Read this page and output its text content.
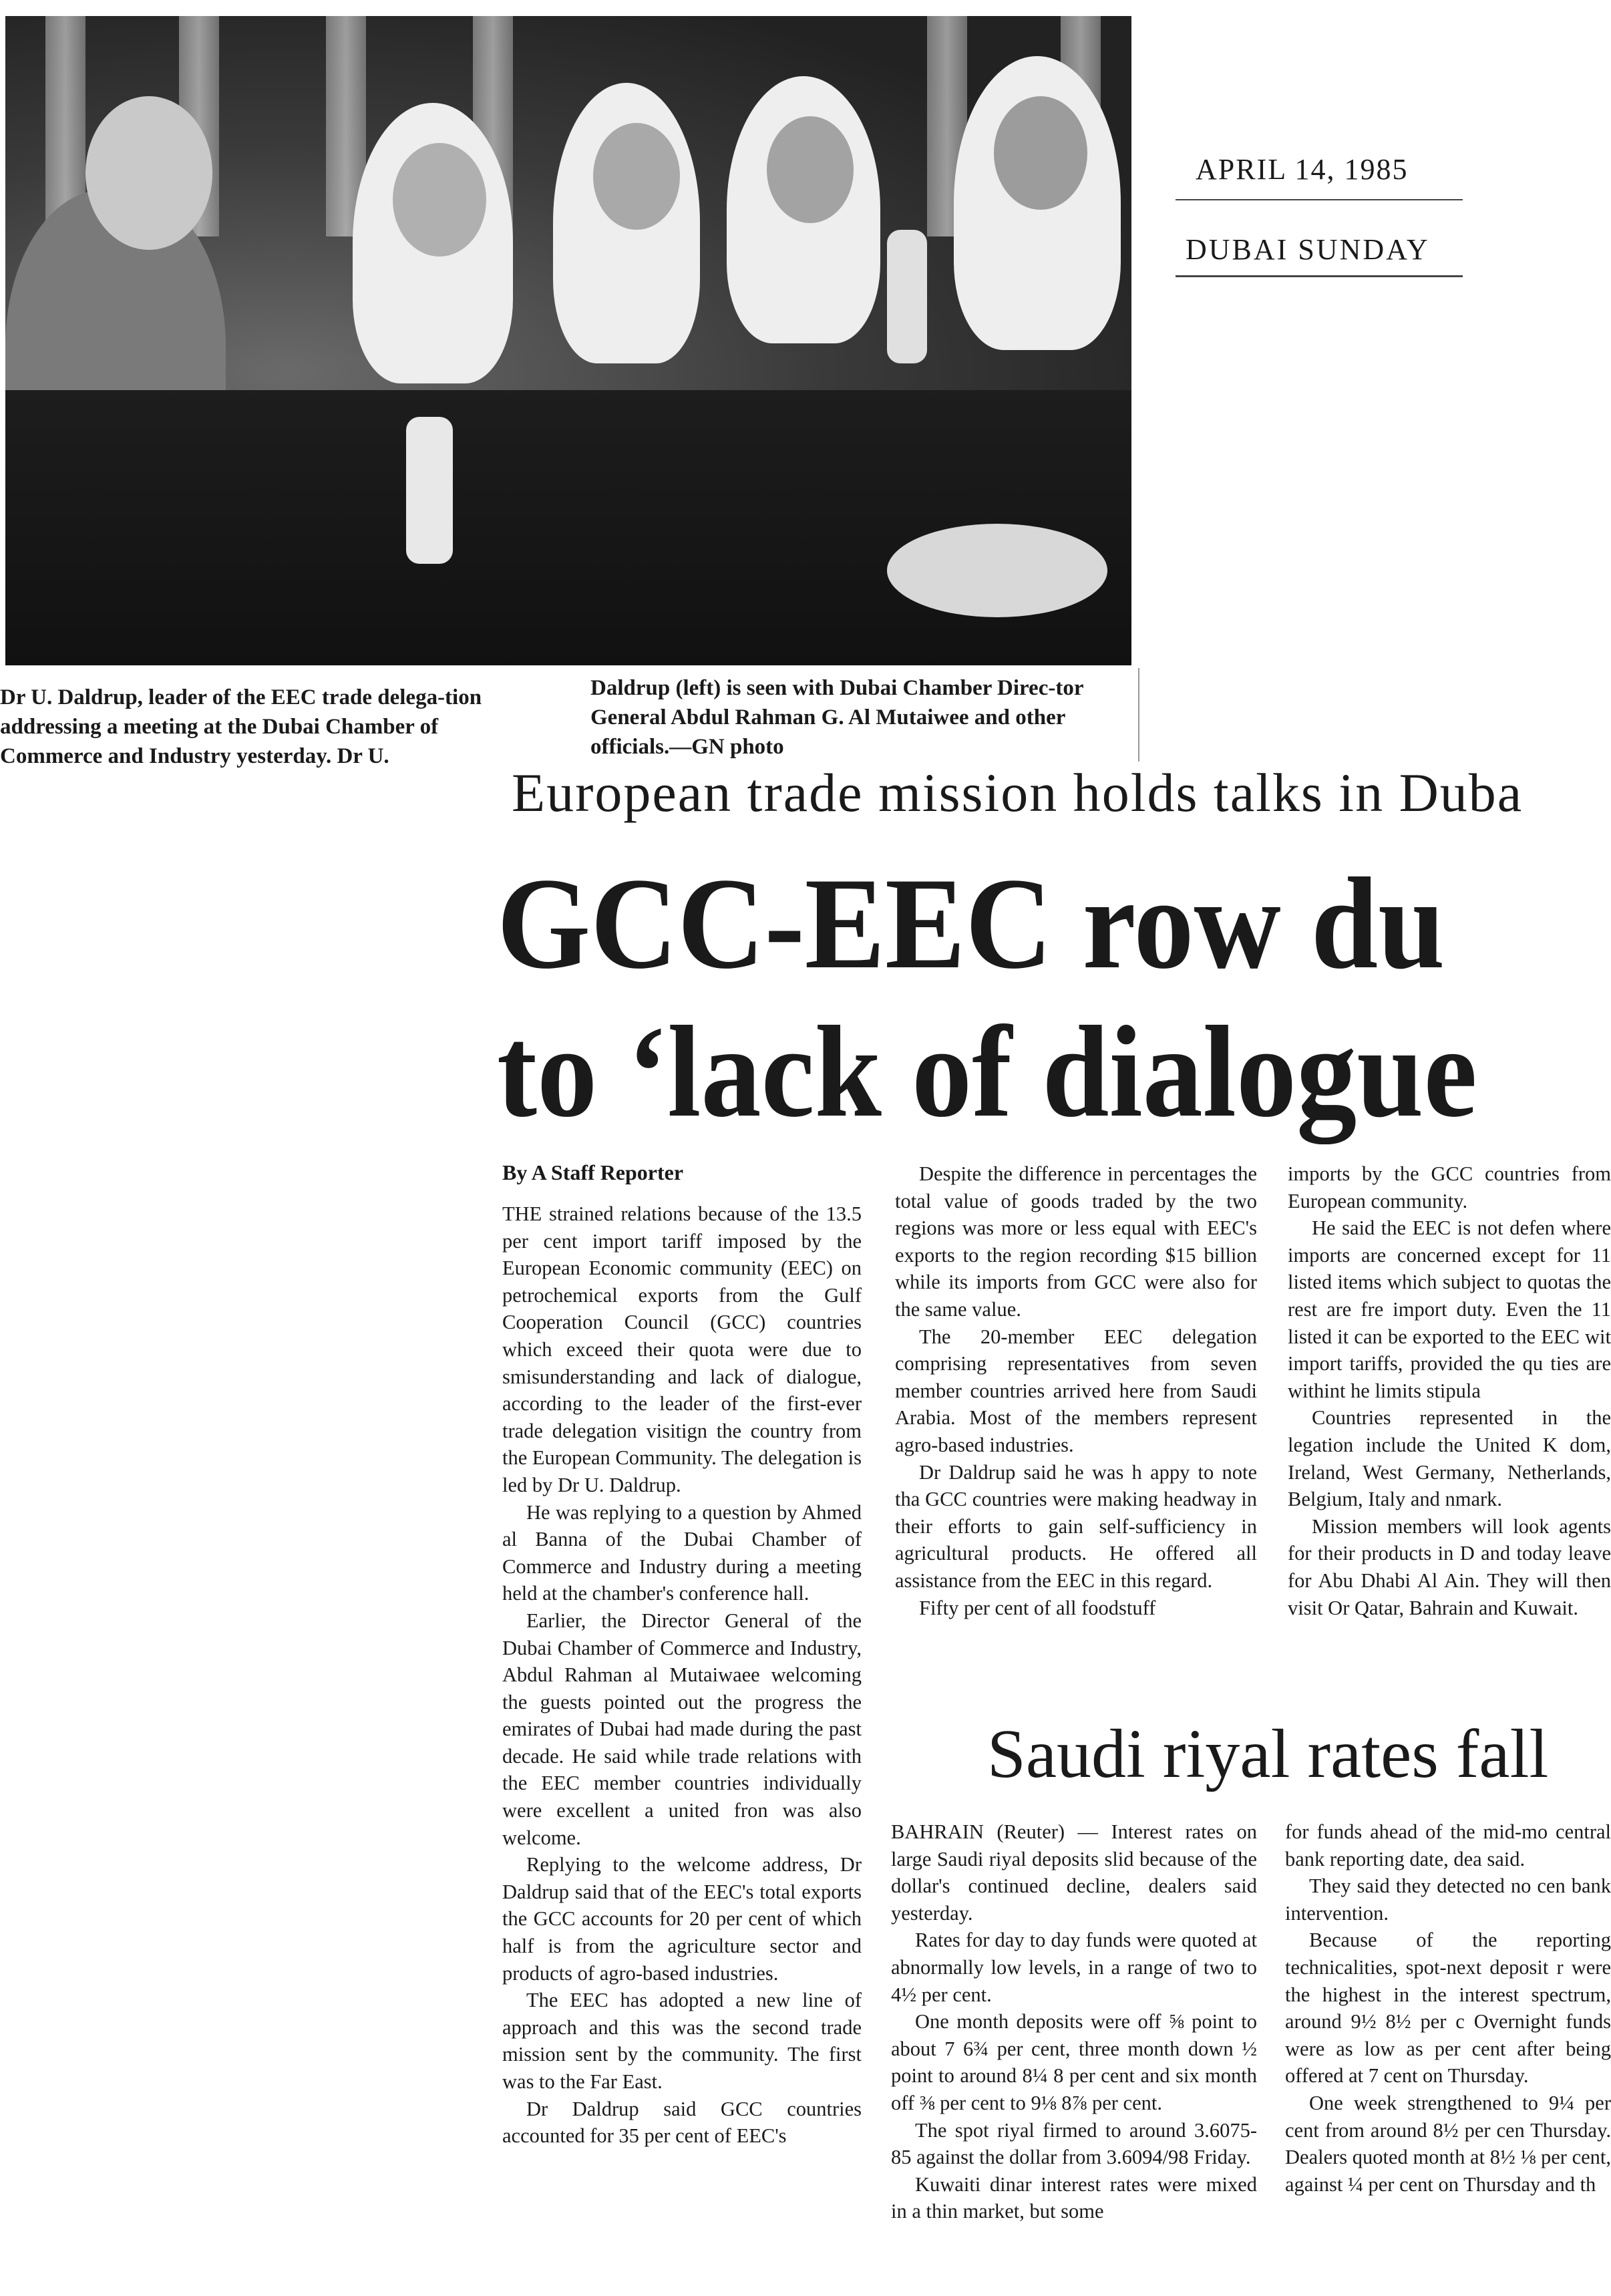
APRIL 14, 1985
DUBAI SUNDAY
Dr U. Daldrup, leader of the EEC trade delega-tion addressing a meeting at the Dubai Chamber of Commerce and Industry yesterday. Dr U.
Daldrup (left) is seen with Dubai Chamber Direc-tor General Abdul Rahman G. Al Mutaiwee and other officials.—GN photo
European trade mission holds talks in Duba
GCC-EEC row du
to ‘lack of dialogue
By A Staff Reporter

THE strained relations because of the 13.5 per cent import tariff imposed by the European Economic community (EEC) on petrochemical exports from the Gulf Cooperation Council (GCC) countries which exceed their quota were due to smisunderstanding and lack of dialogue, according to the leader of the first-ever trade delegation visitign the country from the European Community. The delegation is led by Dr U. Daldrup.

He was replying to a question by Ahmed al Banna of the Dubai Chamber of Commerce and Industry during a meeting held at the chamber's conference hall.

Earlier, the Director General of the Dubai Chamber of Commerce and Industry, Abdul Rahman al Mutaiwaee welcoming the guests pointed out the progress the emirates of Dubai had made during the past decade. He said while trade relations with the EEC member countries individually were excellent a united fron was also welcome.

Replying to the welcome address, Dr Daldrup said that of the EEC's total exports the GCC accounts for 20 per cent of which half is from the agriculture sector and products of agro-based industries.

The EEC has adopted a new line of approach and this was the second trade mission sent by the community. The first was to the Far East.

Dr Daldrup said GCC countries accounted for 35 per cent of EEC's

Despite the difference in percentages the total value of goods traded by the two regions was more or less equal with EEC's exports to the region recording $15 billion while its imports from GCC were also for the same value.

The 20-member EEC delegation comprising representatives from seven member countries arrived here from Saudi Arabia. Most of the members represent agro-based industries.

Dr Daldrup said he was h appy to note tha GCC countries were making headway in their efforts to gain self-sufficiency in agricultural products. He offered all assistance from the EEC in this regard.

Fifty per cent of all foodstuff

imports by the GCC countries from European community.

He said the EEC is not defen where imports are concerned except for 11 listed items which subject to quotas the rest are fre import duty. Even the 11 listed it can be exported to the EEC wit import tariffs, provided the qu ties are withint he limits stipula

Countries represented in the legation include the United K dom, Ireland, West Germany, Netherlands, Belgium, Italy and nmark.

Mission members will look agents for their products in D and today leave for Abu Dhabi Al Ain. They will then visit Or Qatar, Bahrain and Kuwait.

Saudi riyal rates fall

BAHRAIN (Reuter) — Interest rates on large Saudi riyal deposits slid because of the dollar's continued decline, dealers said yesterday.

Rates for day to day funds were quoted at abnormally low levels, in a range of two to 4½ per cent.

One month deposits were off ⅝ point to about 7 6¾ per cent, three month down ½ point to around 8¼ 8 per cent and six month off ⅜ per cent to 9⅛ 8⅞ per cent.

The spot riyal firmed to around 3.6075-85 against the dollar from 3.6094/98 Friday.

Kuwaiti dinar interest rates were mixed in a thin market, but some

for funds ahead of the mid-mo central bank reporting date, dea said.

They said they detected no cen bank intervention.

Because of the reporting technicalities, spot-next deposit r were the highest in the interest spectrum, around 9½ 8½ per c Overnight funds were as low as per cent after being offered at 7 cent on Thursday.

One week strengthened to 9¼ per cent from around 8½ per cen Thursday. Dealers quoted month at 8½ ⅛ per cent, against ¼ per cent on Thursday and th
